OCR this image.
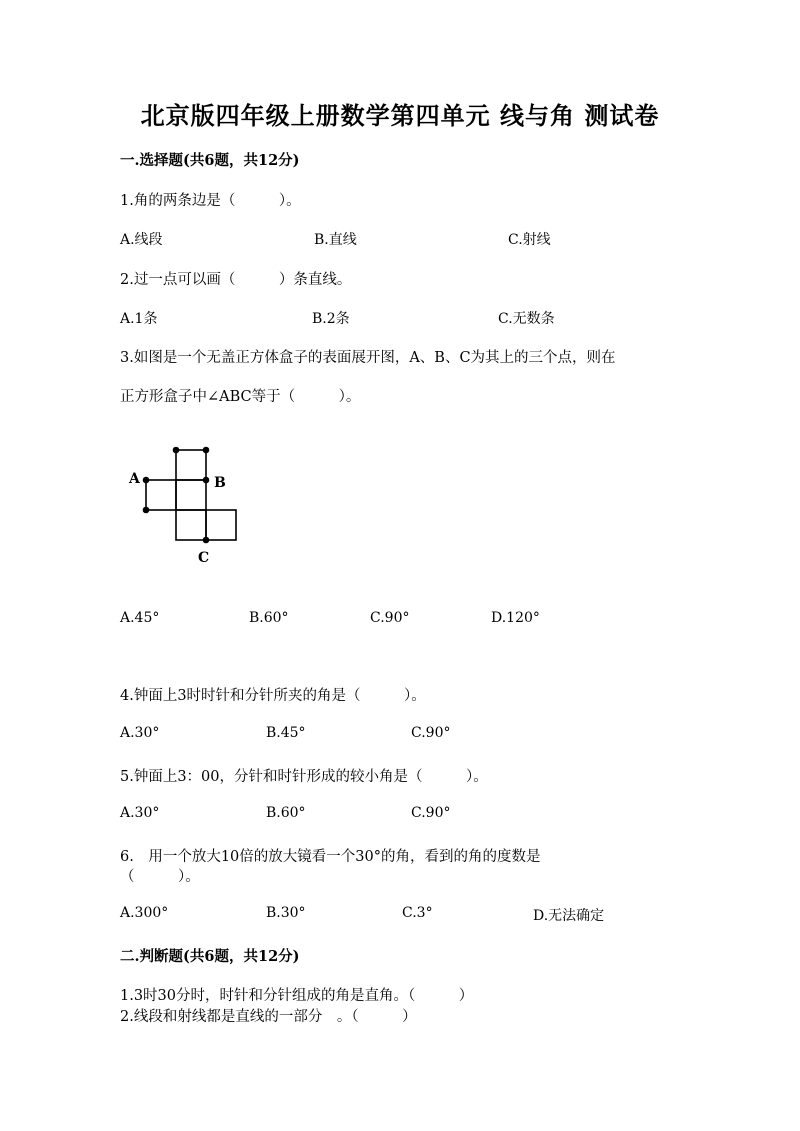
北京版四年级上册数学第四单元 线与角 测试卷
一.选择题(共6题，共12分)
1.角的两条边是（　　　）。
A.线段	B.直线	C.射线
2.过一点可以画（　　　）条直线。
A.1条	B.2条	C.无数条
3.如图是一个无盖正方体盒子的表面展开图，A、B、C为其上的三个点，则在
正方形盒子中∠ABC等于（　　　）。
A	B
C
A.45°	B.60°	C.90°	D.120°
4.钟面上3时时针和分针所夹的角是（　　　）。
A.30°	B.45°	C.90°
5.钟面上3：00，分针和时针形成的较小角是（　　　）。
A.30°	B.60°	C.90°
6.　用一个放大10倍的放大镜看一个30°的角，看到的角的度数是
（　　　）。
A.300°	B.30°	C.3°	D.无法确定
二.判断题(共6题，共12分)
1.3时30分时，时针和分针组成的角是直角。（　　　）
2.线段和射线都是直线的一部分　。（　　　）
